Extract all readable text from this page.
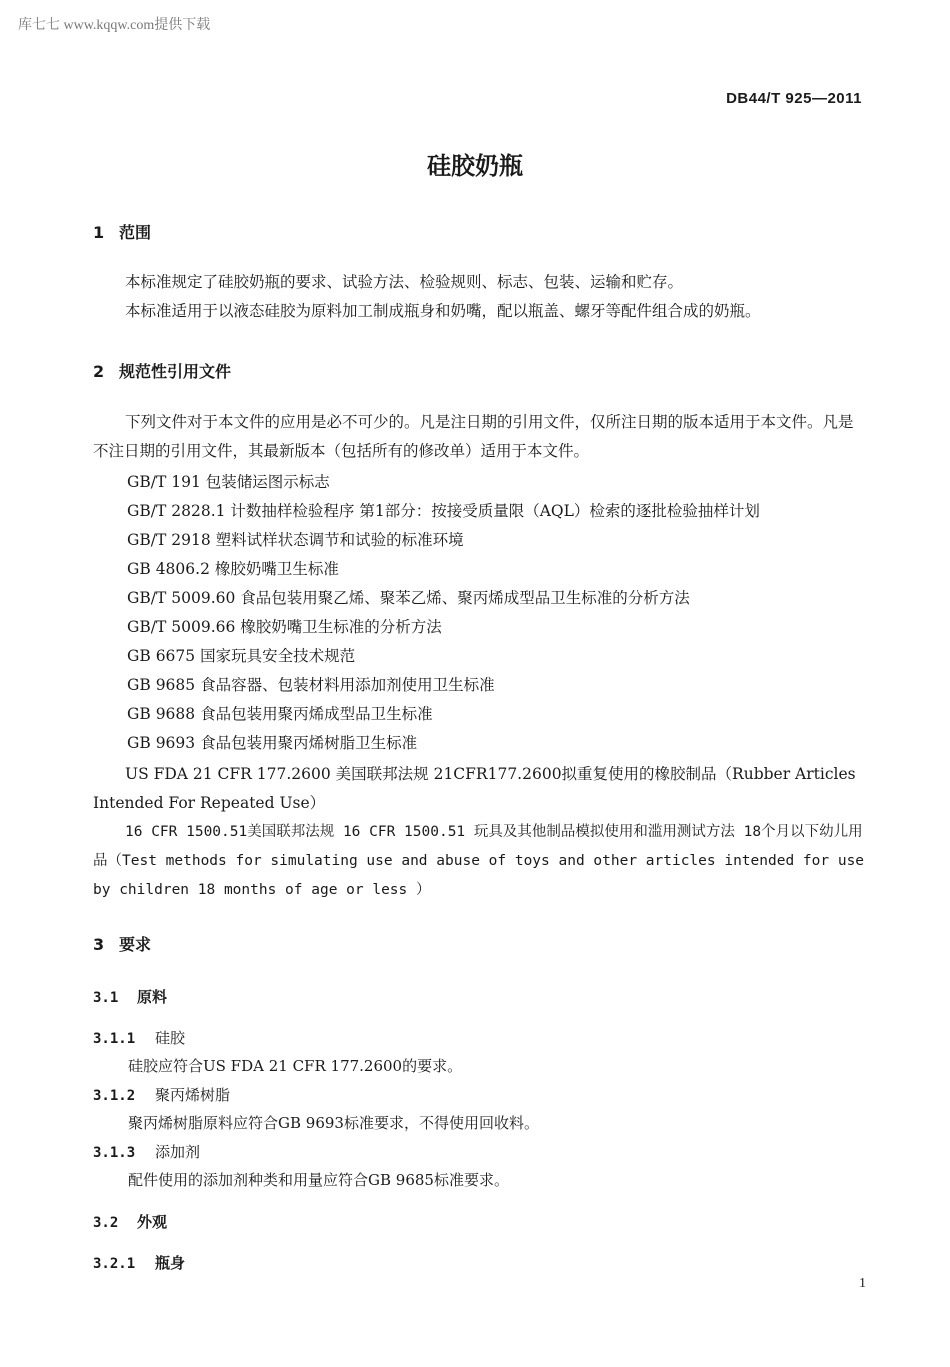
库七七 www.kqqw.com提供下载
DB44/T 925—2011
硅胶奶瓶
1 范围
本标准规定了硅胶奶瓶的要求、试验方法、检验规则、标志、包装、运输和贮存。
本标准适用于以液态硅胶为原料加工制成瓶身和奶嘴，配以瓶盖、螺牙等配件组合成的奶瓶。
2 规范性引用文件
下列文件对于本文件的应用是必不可少的。凡是注日期的引用文件，仅所注日期的版本适用于本文件。凡是不注日期的引用文件，其最新版本（包括所有的修改单）适用于本文件。
GB/T 191 包装储运图示标志
GB/T 2828.1 计数抽样检验程序 第1部分：按接受质量限（AQL）检索的逐批检验抽样计划
GB/T 2918 塑料试样状态调节和试验的标准环境
GB 4806.2 橡胶奶嘴卫生标准
GB/T 5009.60 食品包装用聚乙烯、聚苯乙烯、聚丙烯成型品卫生标准的分析方法
GB/T 5009.66 橡胶奶嘴卫生标准的分析方法
GB 6675 国家玩具安全技术规范
GB 9685 食品容器、包装材料用添加剂使用卫生标准
GB 9688 食品包装用聚丙烯成型品卫生标准
GB 9693 食品包装用聚丙烯树脂卫生标准
US FDA 21 CFR 177.2600 美国联邦法规 21CFR177.2600拟重复使用的橡胶制品（Rubber Articles Intended For Repeated Use）
16 CFR 1500.51美国联邦法规 16 CFR 1500.51 玩具及其他制品模拟使用和滥用测试方法 18个月以下幼儿用品（Test methods for simulating use and abuse of toys and other articles intended for use by children 18 months of age or less ）
3 要求
3.1 原料
3.1.1 硅胶
硅胶应符合US FDA 21 CFR 177.2600的要求。
3.1.2 聚丙烯树脂
聚丙烯树脂原料应符合GB 9693标准要求，不得使用回收料。
3.1.3 添加剂
配件使用的添加剂种类和用量应符合GB 9685标准要求。
3.2 外观
3.2.1 瓶身
1
